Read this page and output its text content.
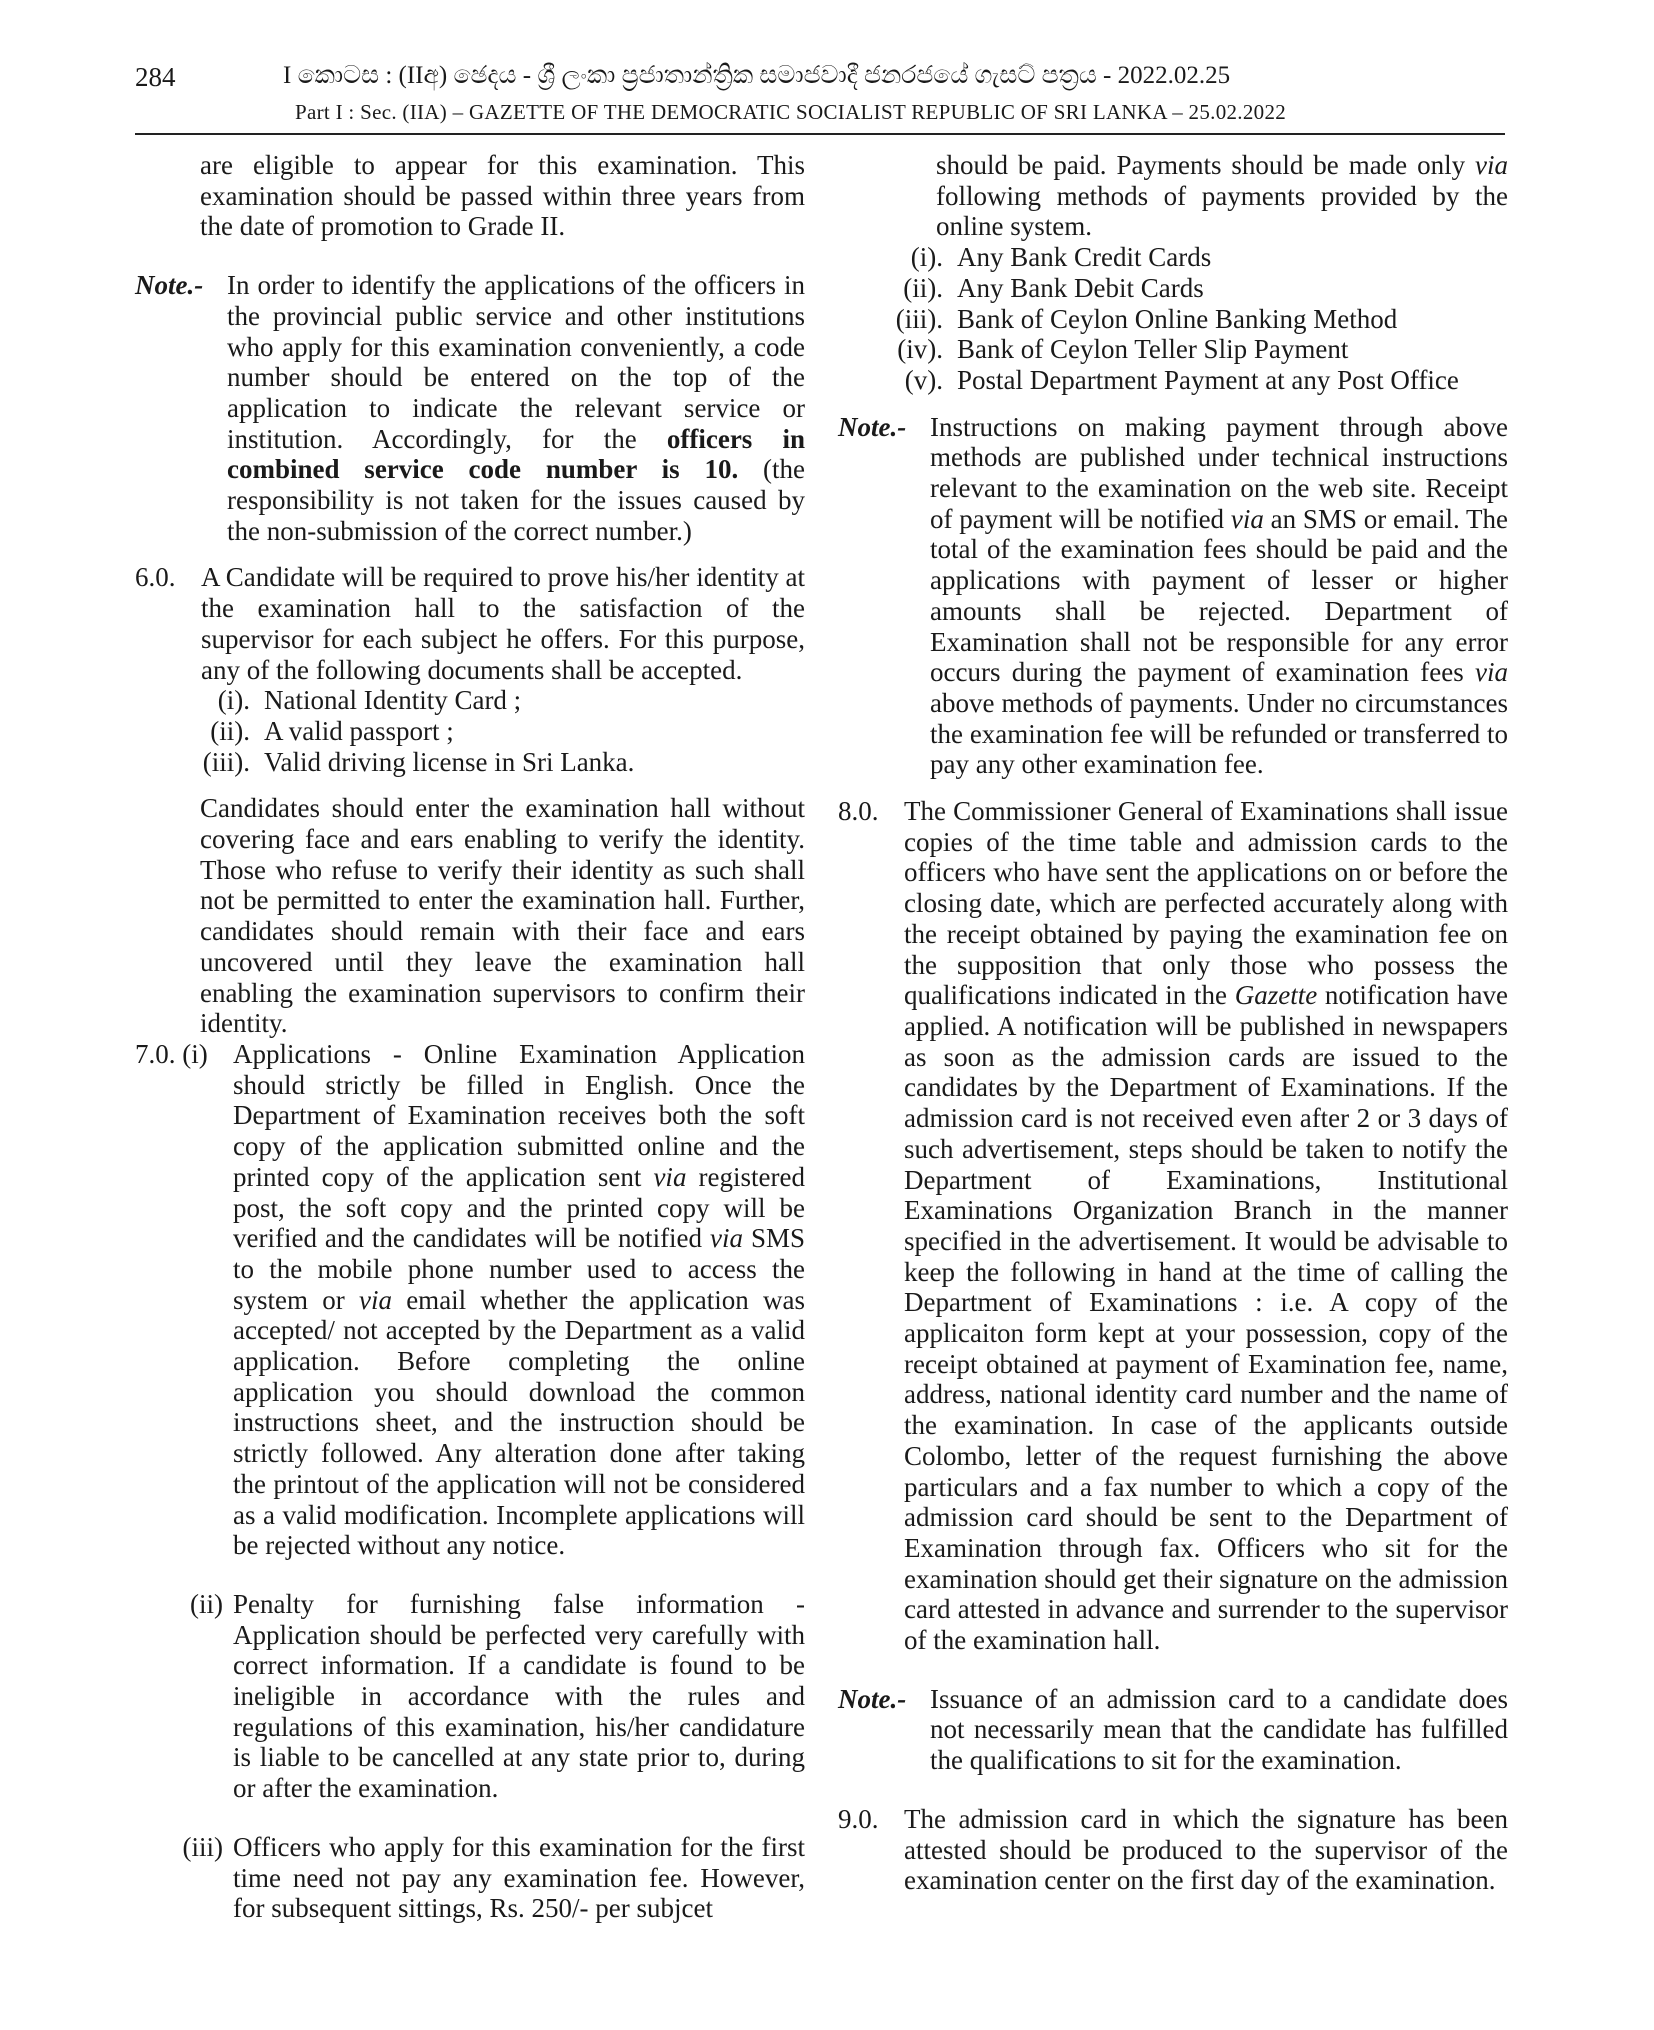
284	I කොටස : (IIඅ) ඡෙදය - ශ්‍රී ලංකා ප්‍රජාතාන්ත්‍රික සමාජවාදී ජනරජයේ ගැසට් පත්‍රය - 2022.02.25
Part I : Sec. (IIA) – GAZETTE OF THE DEMOCRATIC SOCIALIST REPUBLIC OF SRI LANKA – 25.02.2022

are eligible to appear for this examination. This examination should be passed within three years from the date of promotion to Grade II.

Note.- In order to identify the applications of the officers in the provincial public service and other institutions who apply for this examination conveniently, a code number should be entered on the top of the application to indicate the relevant service or institution. Accordingly, for the officers in combined service code number is 10. (the responsibility is not taken for the issues caused by the non-submission of the correct number.)
6.0. A Candidate will be required to prove his/her identity at the examination hall to the satisfaction of the supervisor for each subject he offers. For this purpose, any of the following documents shall be accepted.
(i). National Identity Card ;
(ii). A valid passport ;
(iii). Valid driving license in Sri Lanka.

Candidates should enter the examination hall without covering face and ears enabling to verify the identity. Those who refuse to verify their identity as such shall not be permitted to enter the examination hall. Further, candidates should remain with their face and ears uncovered until they leave the examination hall enabling the examination supervisors to confirm their identity.

7.0. (i) Applications - Online Examination Application should strictly be filled in English. Once the Department of Examination receives both the soft copy of the application submitted online and the printed copy of the application sent via registered post, the soft copy and the printed copy will be verified and the candidates will be notified via SMS to the mobile phone number used to access the system or via email whether the application was accepted/ not accepted by the Department as a valid application. Before completing the online application you should download the common instructions sheet, and the instruction should be strictly followed. Any alteration done after taking the printout of the application will not be considered as a valid modification. Incomplete applications will be rejected without any notice.
(ii) Penalty for furnishing false information - Application should be perfected very carefully with correct information. If a candidate is found to be ineligible in accordance with the rules and regulations of this examination, his/her candidature is liable to be cancelled at any state prior to, during or after the examination.
(iii) Officers who apply for this examination for the first time need not pay any examination fee. However, for subsequent sittings, Rs. 250/- per subjcet

should be paid. Payments should be made only via following methods of payments provided by the online system.

(i). Any Bank Credit Cards
(ii). Any Bank Debit Cards
(iii). Bank of Ceylon Online Banking Method
(iv). Bank of Ceylon Teller Slip Payment
(v). Postal Department Payment at any Post Office
Note.- Instructions on making payment through above methods are published under technical instructions relevant to the examination on the web site. Receipt of payment will be notified via an SMS or email. The total of the examination fees should be paid and the applications with payment of lesser or higher amounts shall be rejected. Department of Examination shall not be responsible for any error occurs during the payment of examination fees via above methods of payments. Under no circumstances the examination fee will be refunded or transferred to pay any other examination fee.
8.0. The Commissioner General of Examinations shall issue copies of the time table and admission cards to the officers who have sent the applications on or before the closing date, which are perfected accurately along with the receipt obtained by paying the examination fee on the supposition that only those who possess the qualifications indicated in the Gazette notification have applied. A notification will be published in newspapers as soon as the admission cards are issued to the candidates by the Department of Examinations. If the admission card is not received even after 2 or 3 days of such advertisement, steps should be taken to notify the Department of Examinations, Institutional Examinations Organization Branch in the manner specified in the advertisement. It would be advisable to keep the following in hand at the time of calling the Department of Examinations : i.e. A copy of the applicaiton form kept at your possession, copy of the receipt obtained at payment of Examination fee, name, address, national identity card number and the name of the examination. In case of the applicants outside Colombo, letter of the request furnishing the above particulars and a fax number to which a copy of the admission card should be sent to the Department of Examination through fax. Officers who sit for the examination should get their signature on the admission card attested in advance and surrender to the supervisor of the examination hall.
Note.- Issuance of an admission card to a candidate does not necessarily mean that the candidate has fulfilled the qualifications to sit for the examination.
9.0. The admission card in which the signature has been attested should be produced to the supervisor of the examination center on the first day of the examination.
